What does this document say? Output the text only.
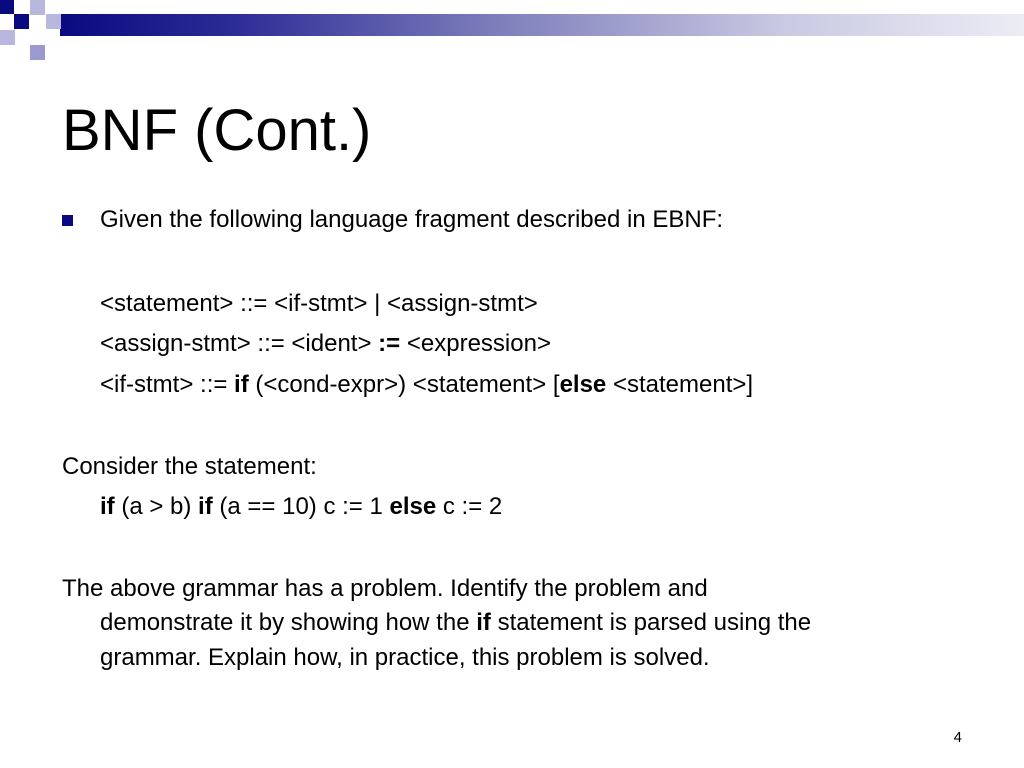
BNF (Cont.)
Given the following language fragment described in EBNF:
<statement> ::= <if-stmt> | <assign-stmt>
<assign-stmt> ::= <ident> := <expression>
<if-stmt> ::= if (<cond-expr>) <statement> [else <statement>]
Consider the statement:
if (a > b) if (a == 10) c := 1 else c := 2
The above grammar has a problem. Identify the problem and
demonstrate it by showing how the if statement is parsed using the
grammar. Explain how, in practice, this problem is solved.
4
